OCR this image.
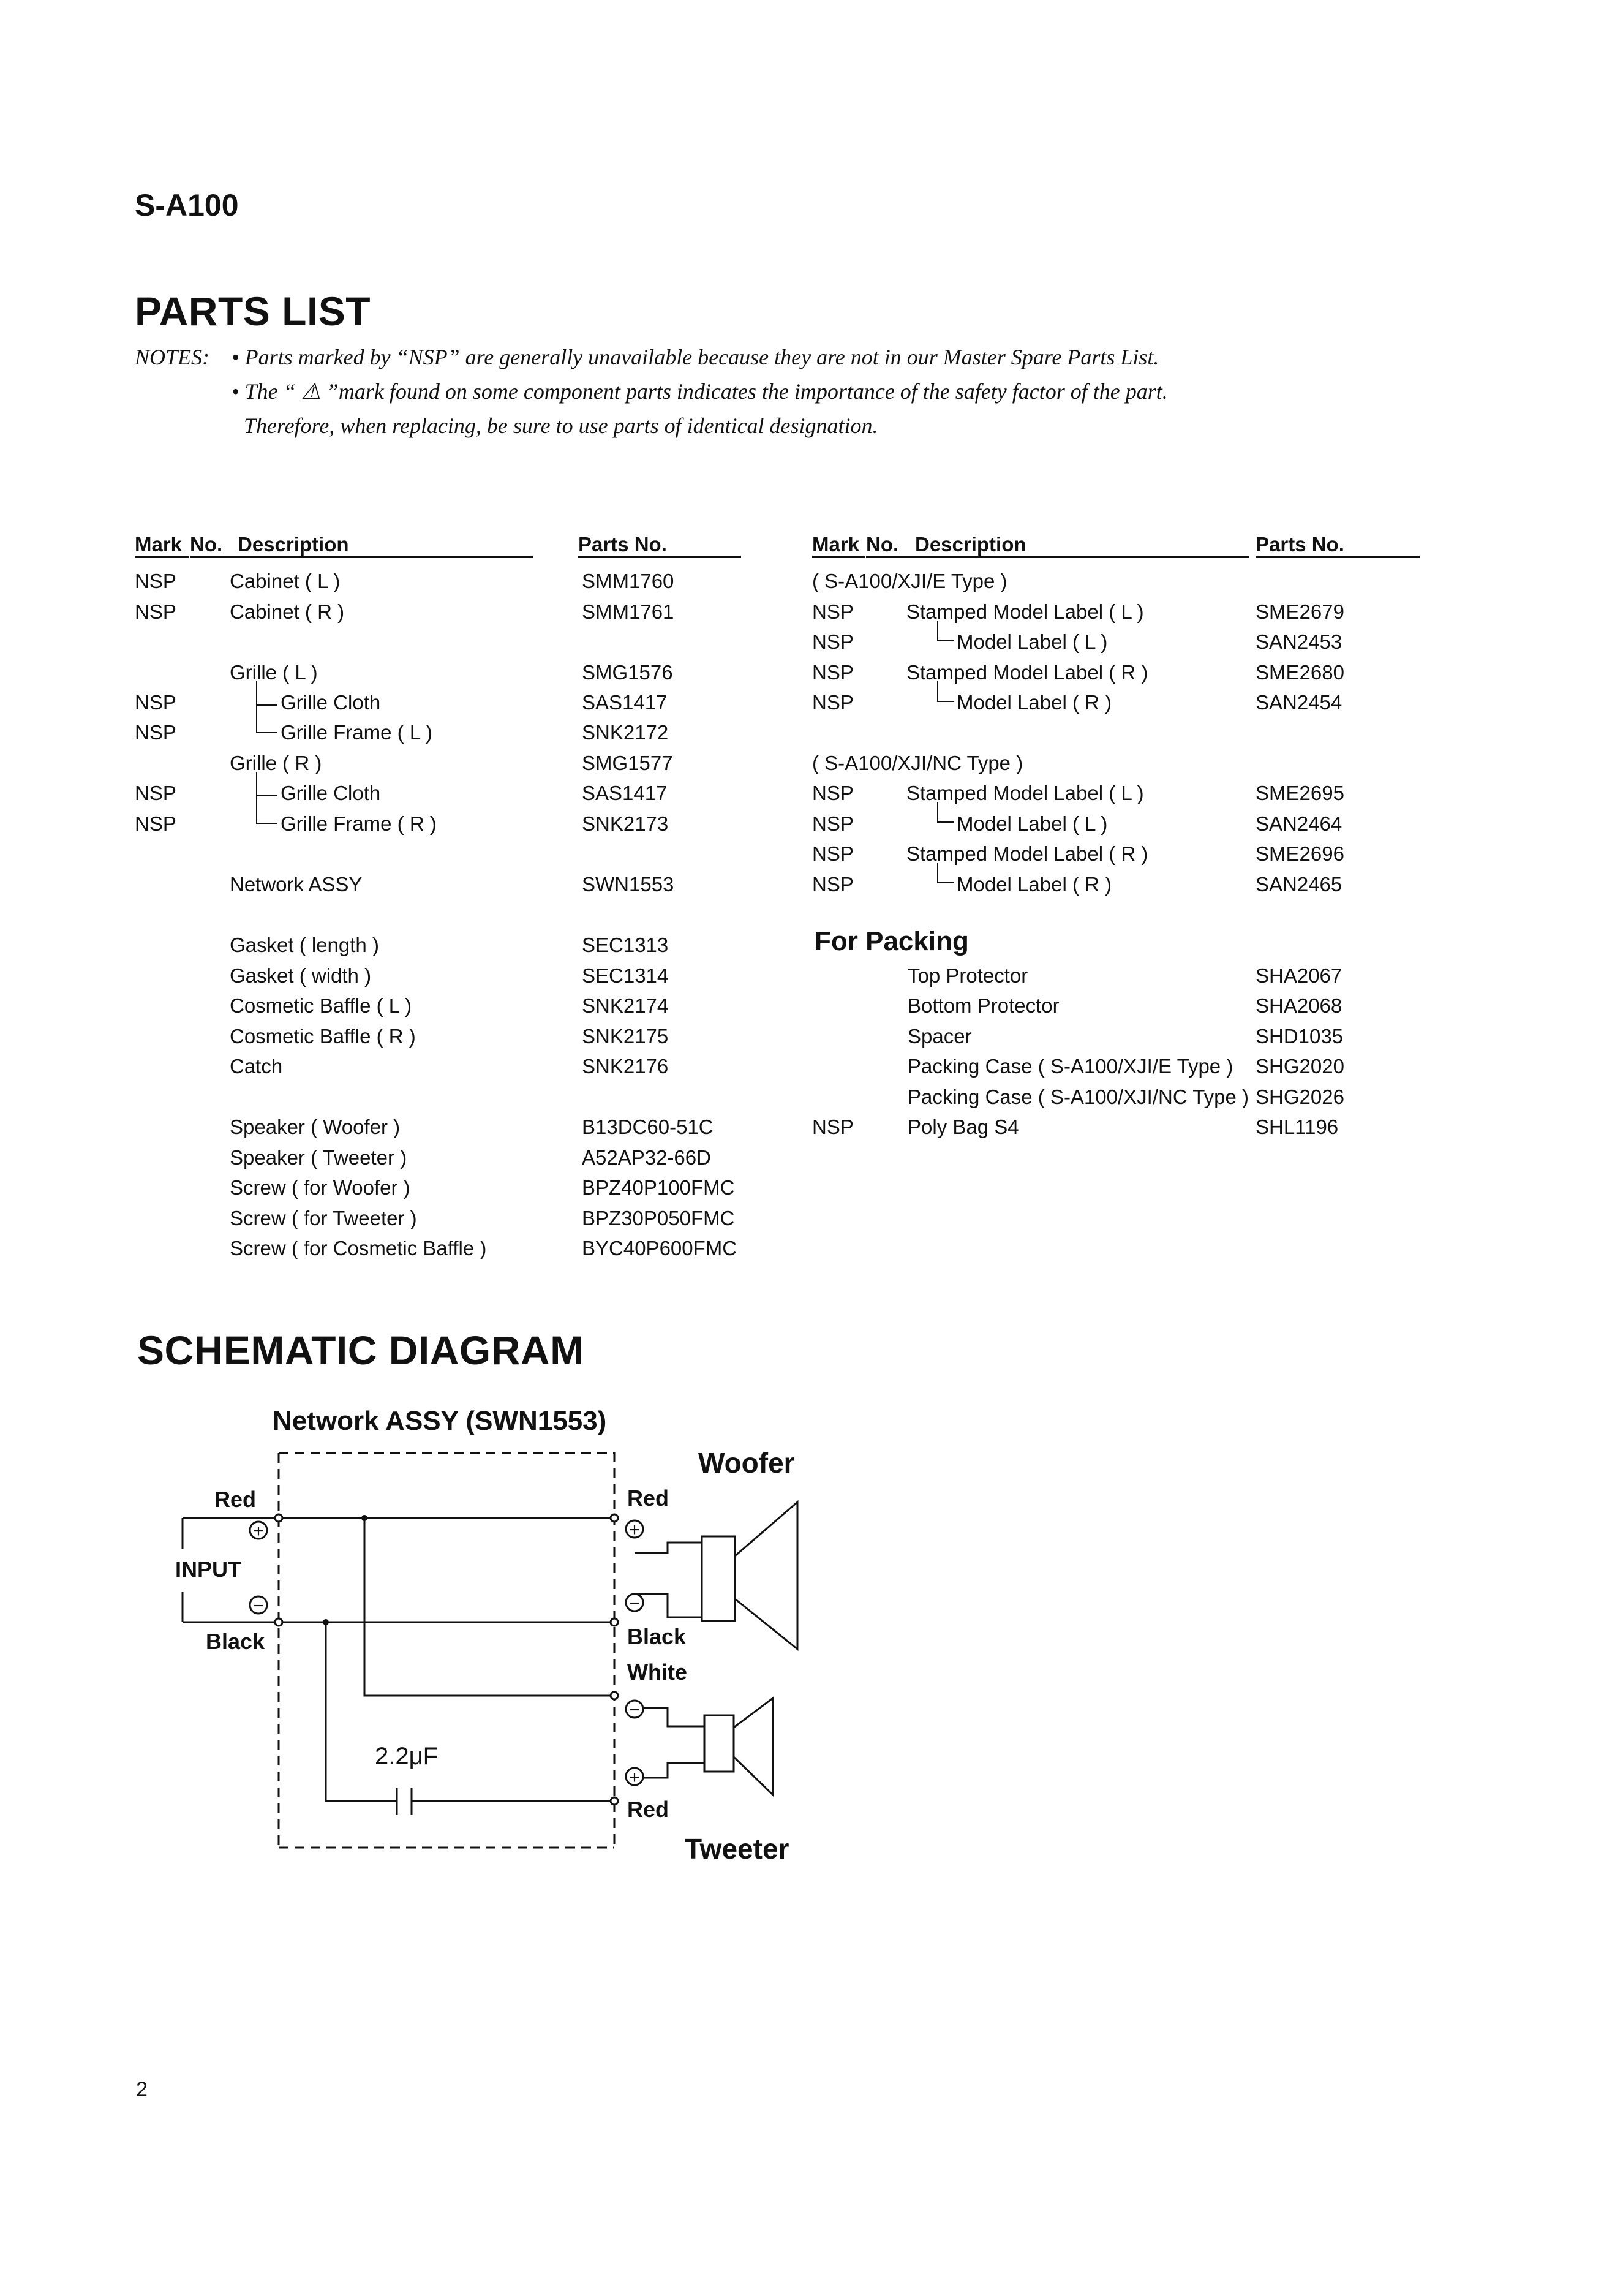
S-A100
PARTS LIST
NOTES: • Parts marked by “NSP” are generally unavailable because they are not in our Master Spare Parts List.
• The “ ⚠ ”mark found on some component parts indicates the importance of the safety factor of the part.
Therefore, when replacing, be sure to use parts of identical designation.
Mark No. Description	Parts No.	Mark No. Description	Parts No.
NSP	Cabinet ( L )	SMM1760
NSP	Cabinet ( R )	SMM1761
Grille ( L )	SMG1576
NSP	Grille Cloth	SAS1417
NSP	Grille Frame ( L )	SNK2172
Grille ( R )	SMG1577
NSP	Grille Cloth	SAS1417
NSP	Grille Frame ( R )	SNK2173
Network ASSY	SWN1553
Gasket ( length )	SEC1313
Gasket ( width )	SEC1314
Cosmetic Baffle ( L )	SNK2174
Cosmetic Baffle ( R )	SNK2175
Catch	SNK2176
Speaker ( Woofer )	B13DC60-51C
Speaker ( Tweeter )	A52AP32-66D
Screw ( for Woofer )	BPZ40P100FMC
Screw ( for Tweeter )	BPZ30P050FMC
Screw ( for Cosmetic Baffle )	BYC40P600FMC
( S-A100/XJI/E Type )
NSP	Stamped Model Label ( L )	SME2679
NSP	Model Label ( L )	SAN2453
NSP	Stamped Model Label ( R )	SME2680
NSP	Model Label ( R )	SAN2454
( S-A100/XJI/NC Type )
NSP	Stamped Model Label ( L )	SME2695
NSP	Model Label ( L )	SAN2464
NSP	Stamped Model Label ( R )	SME2696
NSP	Model Label ( R )	SAN2465
For Packing
Top Protector	SHA2067
Bottom Protector	SHA2068
Spacer	SHD1035
Packing Case ( S-A100/XJI/E Type ) SHG2020
Packing Case ( S-A100/XJI/NC Type ) SHG2026
NSP	Poly Bag S4	SHL1196
SCHEMATIC DIAGRAM
+
−
+
−
−
+
Network ASSY (SWN1553)
Woofer
Tweeter
Red
INPUT
Black
Red
Black
White
Red
2.2μF
2
